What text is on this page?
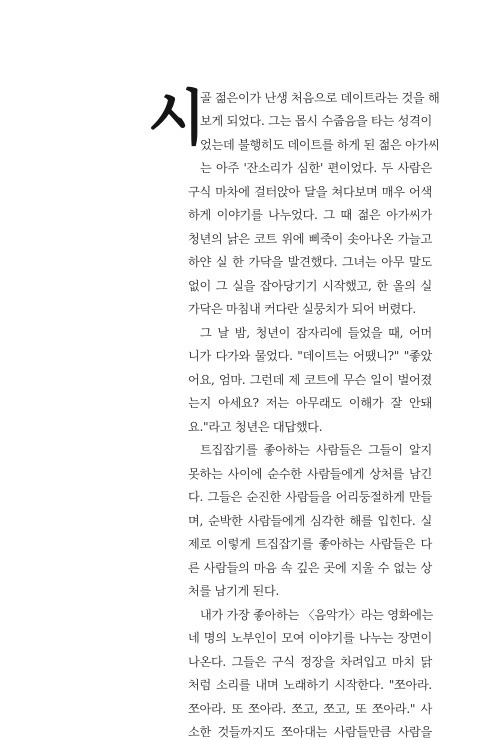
시
골 젊은이가 난생 처음으로 데이트라는 것을 해
보게 되었다. 그는 몹시 수줍음을 타는 성격이
었는데 불행히도 데이트를 하게 된 젊은 아가씨
는 아주 '잔소리가 심한' 편이었다. 두 사람은
구식 마차에 걸터앉아 달을 쳐다보며 매우 어색
하게 이야기를 나누었다. 그 때 젊은 아가씨가
청년의 낡은 코트 위에 삐죽이 솟아나온 가늘고
하얀 실 한 가닥을 발견했다. 그녀는 아무 말도
없이 그 실을 잡아당기기 시작했고, 한 올의 실
가닥은 마침내 커다란 실뭉치가 되어 버렸다.
그 날 밤, 청년이 잠자리에 들었을 때, 어머
니가 다가와 물었다. "데이트는 어땠니?" "좋았
어요, 엄마. 그런데 제 코트에 무슨 일이 벌어졌
는지 아세요? 저는 아무래도 이해가 잘 안돼
요."라고 청년은 대답했다.
트집잡기를 좋아하는 사람들은 그들이 알지
못하는 사이에 순수한 사람들에게 상처를 남긴
다. 그들은 순진한 사람들을 어리둥절하게 만들
며, 순박한 사람들에게 심각한 해를 입힌다. 실
제로 이렇게 트집잡기를 좋아하는 사람들은 다
른 사람들의 마음 속 깊은 곳에 지울 수 없는 상
처를 남기게 된다.
내가 가장 좋아하는 〈음악가〉라는 영화에는
네 명의 노부인이 모여 이야기를 나누는 장면이
나온다. 그들은 구식 정장을 차려입고 마치 닭
처럼 소리를 내며 노래하기 시작한다. "쪼아라.
쪼아라. 또 쪼아라. 쪼고, 쪼고, 또 쪼아라." 사
소한 것들까지도 쪼아대는 사람들만큼 사람을
